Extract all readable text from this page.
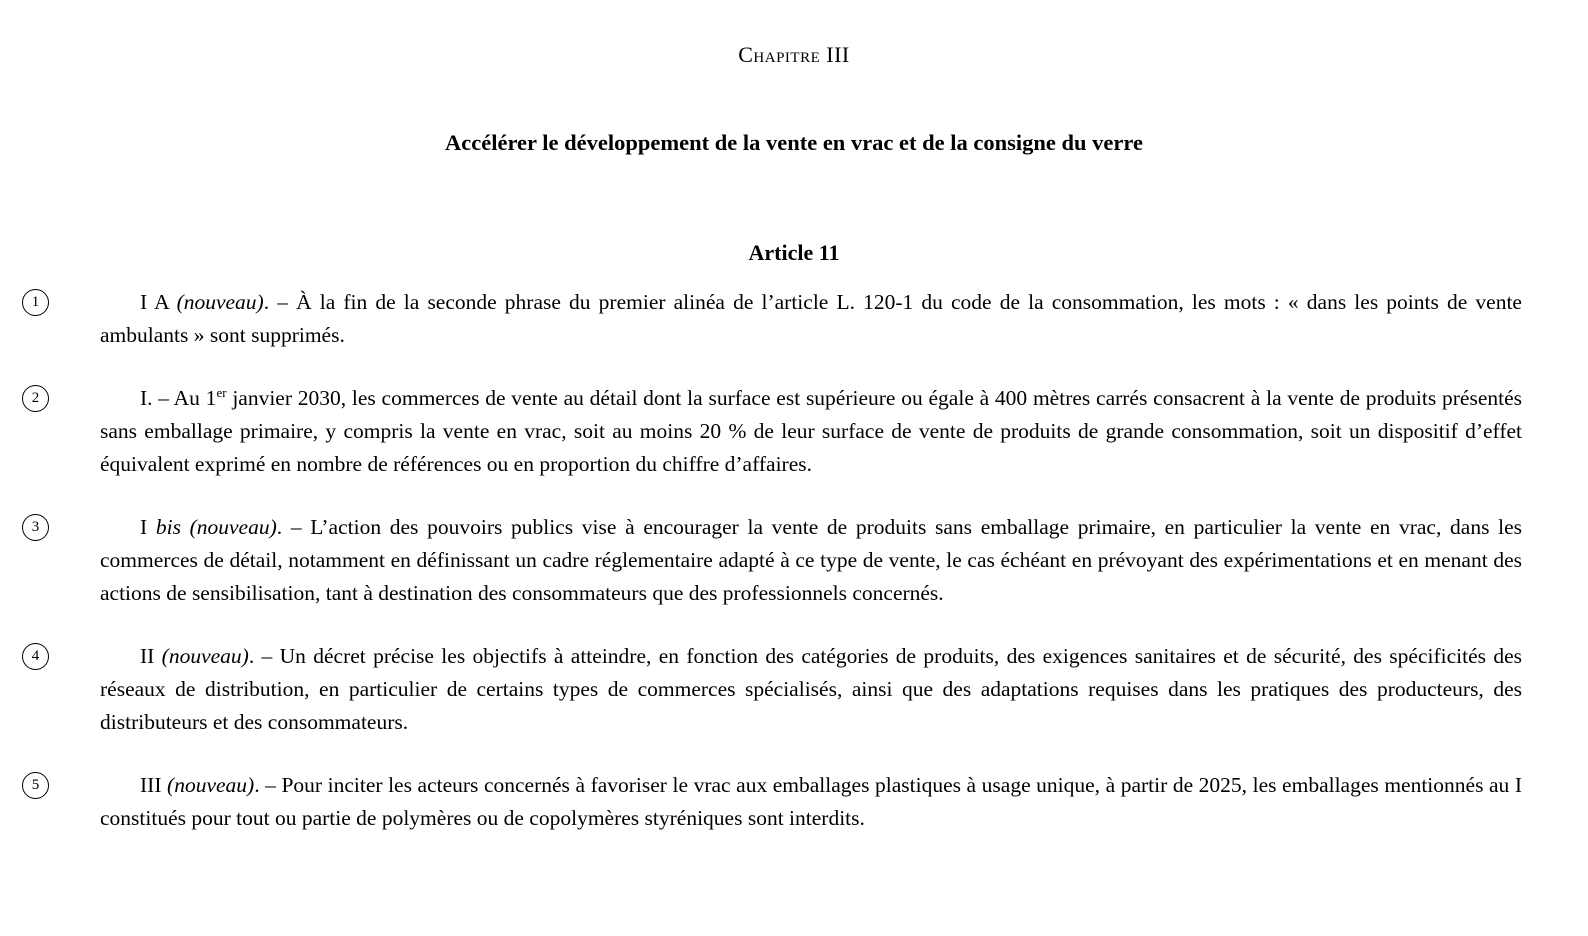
Chapitre III
Accélérer le développement de la vente en vrac et de la consigne du verre
Article 11
1	I A (nouveau). – À la fin de la seconde phrase du premier alinéa de l’article L. 120-1 du code de la consommation, les mots : « dans les points de vente ambulants » sont supprimés.
2	I. – Au 1er janvier 2030, les commerces de vente au détail dont la surface est supérieure ou égale à 400 mètres carrés consacrent à la vente de produits présentés sans emballage primaire, y compris la vente en vrac, soit au moins 20 % de leur surface de vente de produits de grande consommation, soit un dispositif d’effet équivalent exprimé en nombre de références ou en proportion du chiffre d’affaires.
3	I bis (nouveau). – L’action des pouvoirs publics vise à encourager la vente de produits sans emballage primaire, en particulier la vente en vrac, dans les commerces de détail, notamment en définissant un cadre réglementaire adapté à ce type de vente, le cas échéant en prévoyant des expérimentations et en menant des actions de sensibilisation, tant à destination des consommateurs que des professionnels concernés.
4	II (nouveau). – Un décret précise les objectifs à atteindre, en fonction des catégories de produits, des exigences sanitaires et de sécurité, des spécificités des réseaux de distribution, en particulier de certains types de commerces spécialisés, ainsi que des adaptations requises dans les pratiques des producteurs, des distributeurs et des consommateurs.
5	III (nouveau). – Pour inciter les acteurs concernés à favoriser le vrac aux emballages plastiques à usage unique, à partir de 2025, les emballages mentionnés au I constitués pour tout ou partie de polymères ou de copolymères styréniques sont interdits.
